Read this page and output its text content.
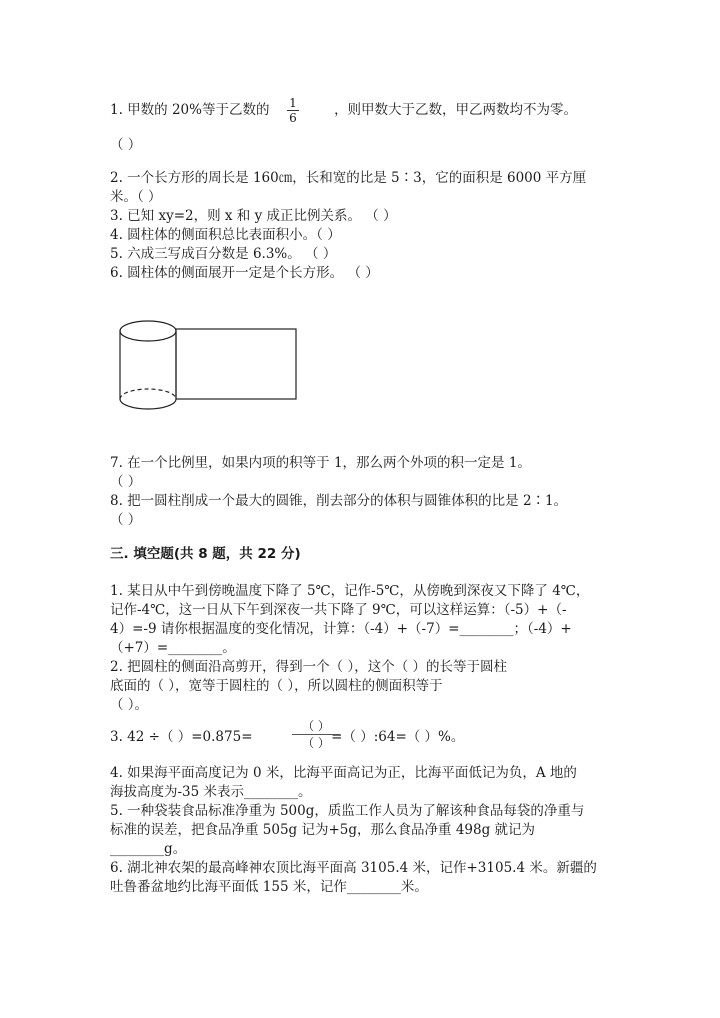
1. 甲数的 20%等于乙数的	，则甲数大于乙数，甲乙两数均不为零。
1
6
（ ）
2. 一个长方形的周长是 160㎝，长和宽的比是 5∶3，它的面积是 6000 平方厘
米。（ ）
3. 已知 xy=2，则 x 和 y 成正比例关系。 （ ）
4. 圆柱体的侧面积总比表面积小。（ ）
5. 六成三写成百分数是 6.3%。 （ ）
6. 圆柱体的侧面展开一定是个长方形。 （ ）
7. 在一个比例里，如果内项的积等于 1，那么两个外项的积一定是 1。
（ ）
8. 把一圆柱削成一个最大的圆锥，削去部分的体积与圆锥体积的比是 2∶1。
（ ）
三. 填空题(共 8 题，共 22 分)
1. 某日从中午到傍晚温度下降了 5℃，记作-5℃，从傍晚到深夜又下降了 4℃，
记作-4℃，这一日从下午到深夜一共下降了 9℃，可以这样运算：（-5）+（-
4）=-9 请你根据温度的变化情况，计算：（-4）+（-7）=________；（-4）+
（+7）=________。
2. 把圆柱的侧面沿高剪开，得到一个（ ），这个（ ）的长等于圆柱
底面的（ ），宽等于圆柱的（ ），所以圆柱的侧面积等于
（ ）。
3. 42 ÷（ ）=0.875=	=（ ）:64=（ ）%。
（ ）
（ ）
4. 如果海平面高度记为 0 米，比海平面高记为正，比海平面低记为负，A 地的
海拔高度为-35 米表示________。
5. 一种袋装食品标准净重为 500g，质监工作人员为了解该种食品每袋的净重与
标准的误差，把食品净重 505g 记为+5g，那么食品净重 498g 就记为
________g。
6. 湖北神农架的最高峰神农顶比海平面高 3105.4 米，记作+3105.4 米。新疆的
吐鲁番盆地约比海平面低 155 米，记作________米。
